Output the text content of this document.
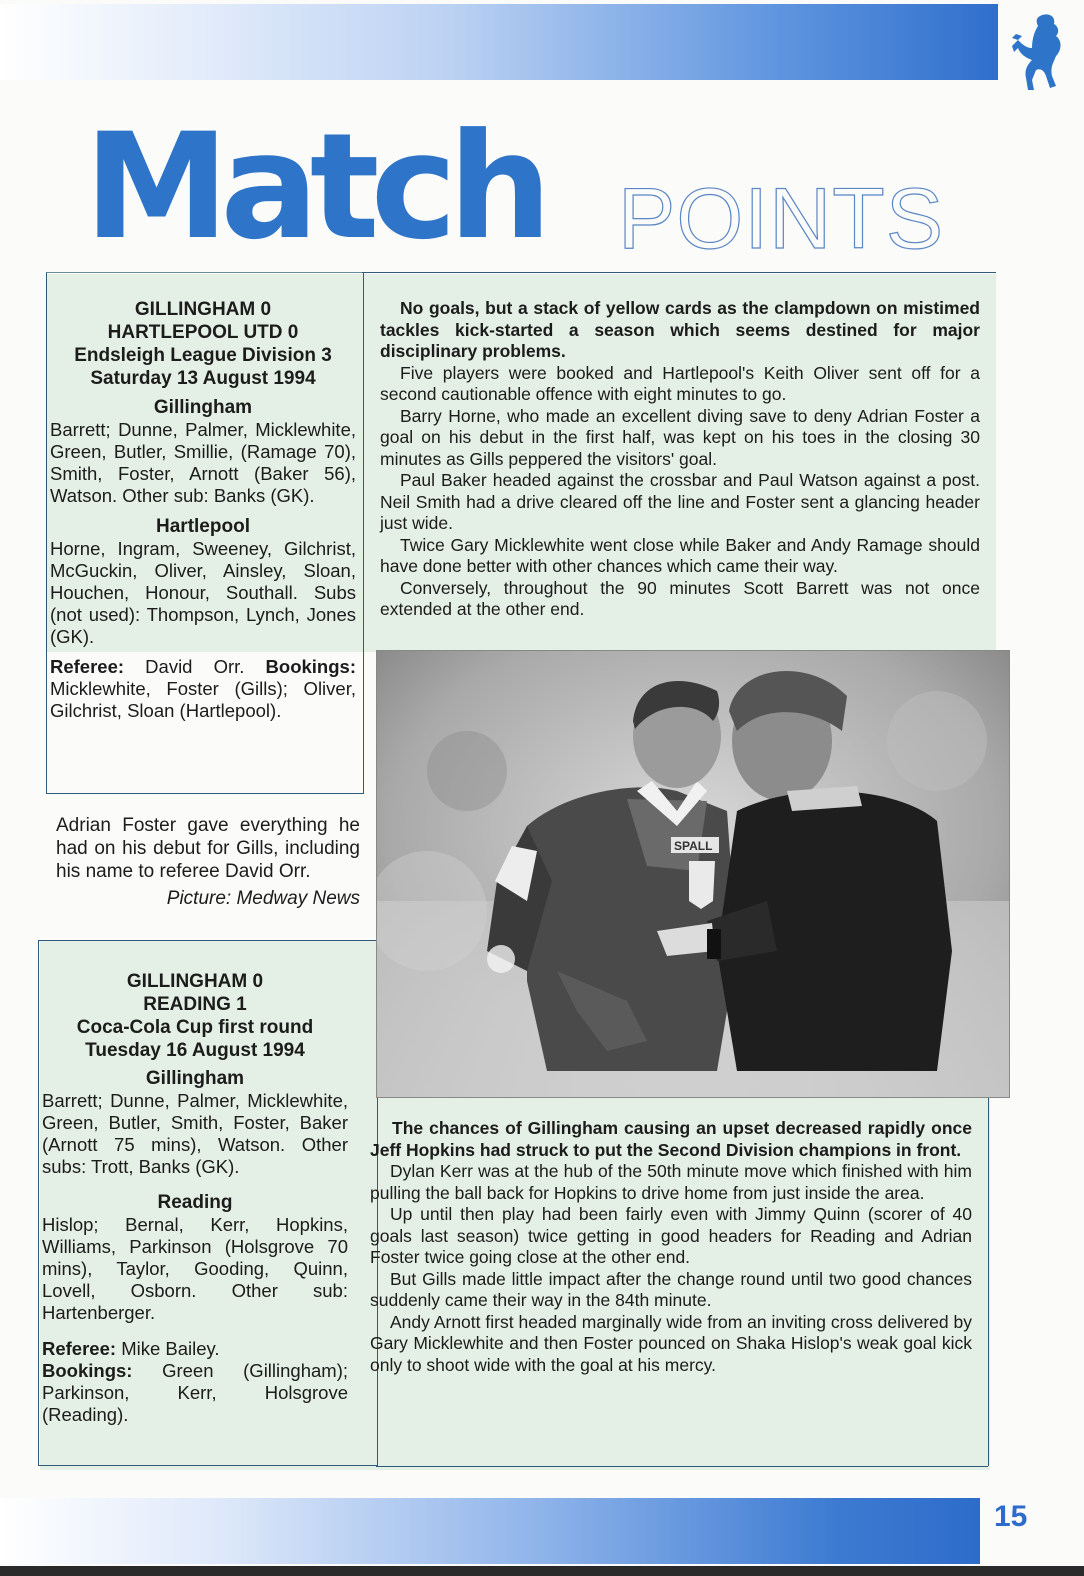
Match POINTS
GILLINGHAM 0
HARTLEPOOL UTD 0
Endsleigh League Division 3
Saturday 13 August 1994
Gillingham
Barrett; Dunne, Palmer, Micklewhite, Green, Butler, Smillie, (Ramage 70), Smith, Foster, Arnott (Baker 56), Watson. Other sub: Banks (GK).
Hartlepool
Horne, Ingram, Sweeney, Gilchrist, McGuckin, Oliver, Ainsley, Sloan, Houchen, Honour, Southall. Subs (not used): Thompson, Lynch, Jones (GK).
Referee: David Orr. Bookings: Micklewhite, Foster (Gills); Oliver, Gilchrist, Sloan (Hartlepool).

No goals, but a stack of yellow cards as the clampdown on mistimed tackles kick-started a season which seems destined for major disciplinary problems.

Five players were booked and Hartlepool's Keith Oliver sent off for a second cautionable offence with eight minutes to go.

Barry Horne, who made an excellent diving save to deny Adrian Foster a goal on his debut in the first half, was kept on his toes in the closing 30 minutes as Gills peppered the visitors' goal.

Paul Baker headed against the crossbar and Paul Watson against a post. Neil Smith had a drive cleared off the line and Foster sent a glancing header just wide.

Twice Gary Micklewhite went close while Baker and Andy Ramage should have done better with other chances which came their way.

Conversely, throughout the 90 minutes Scott Barrett was not once extended at the other end.

Adrian Foster gave everything he had on his debut for Gills, including his name to referee David Orr.
Picture: Medway News
SPALL
GILLINGHAM 0
READING 1
Coca-Cola Cup first round
Tuesday 16 August 1994
Gillingham
Barrett; Dunne, Palmer, Micklewhite, Green, Butler, Smith, Foster, Baker (Arnott 75 mins), Watson. Other subs: Trott, Banks (GK).
Reading
Hislop; Bernal, Kerr, Hopkins, Williams, Parkinson (Holsgrove 70 mins), Taylor, Gooding, Quinn, Lovell, Osborn. Other sub: Hartenberger.
Referee: Mike Bailey.
Bookings: Green (Gillingham); Parkinson, Kerr, Holsgrove (Reading).

The chances of Gillingham causing an upset decreased rapidly once Jeff Hopkins had struck to put the Second Division champions in front.

Dylan Kerr was at the hub of the 50th minute move which finished with him pulling the ball back for Hopkins to drive home from just inside the area.

Up until then play had been fairly even with Jimmy Quinn (scorer of 40 goals last season) twice getting in good headers for Reading and Adrian Foster twice going close at the other end.

But Gills made little impact after the change round until two good chances suddenly came their way in the 84th minute.

Andy Arnott first headed marginally wide from an inviting cross delivered by Gary Micklewhite and then Foster pounced on Shaka Hislop's weak goal kick only to shoot wide with the goal at his mercy.

15
